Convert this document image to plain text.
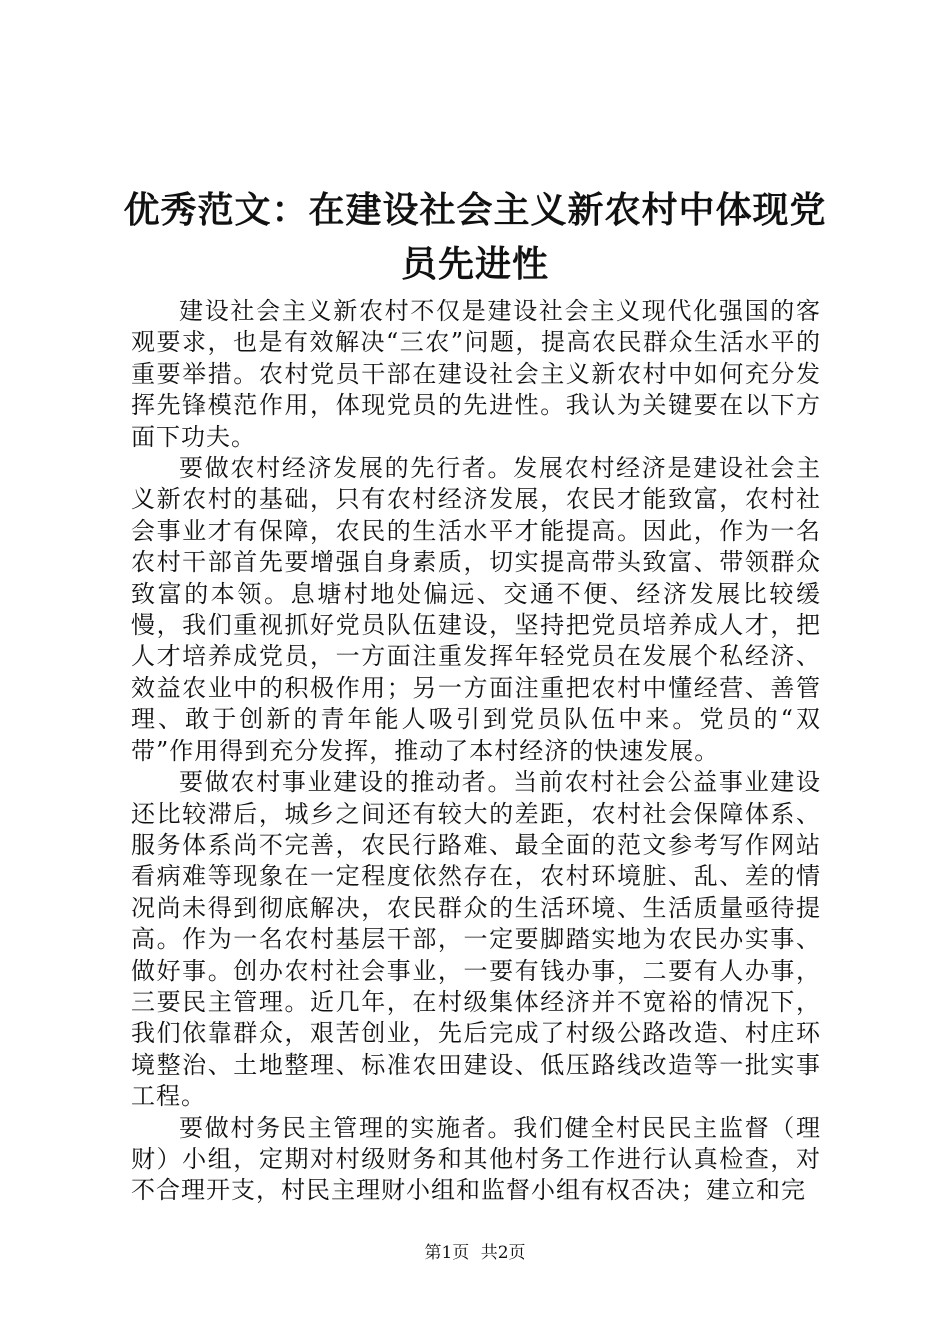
优秀范文：在建设社会主义新农村中体现党员先进性

建设社会主义新农村不仅是建设社会主义现代化强国的客观要求，也是有效解决“三农”问题，提高农民群众生活水平的重要举措。农村党员干部在建设社会主义新农村中如何充分发挥先锋模范作用，体现党员的先进性。我认为关键要在以下方面下功夫。

要做农村经济发展的先行者。发展农村经济是建设社会主义新农村的基础，只有农村经济发展，农民才能致富，农村社会事业才有保障，农民的生活水平才能提高。因此，作为一名农村干部首先要增强自身素质，切实提高带头致富、带领群众致富的本领。息塘村地处偏远、交通不便、经济发展比较缓慢，我们重视抓好党员队伍建设，坚持把党员培养成人才，把人才培养成党员，一方面注重发挥年轻党员在发展个私经济、效益农业中的积极作用；另一方面注重把农村中懂经营、善管理、敢于创新的青年能人吸引到党员队伍中来。党员的“双带”作用得到充分发挥，推动了本村经济的快速发展。

要做农村事业建设的推动者。当前农村社会公益事业建设还比较滞后，城乡之间还有较大的差距，农村社会保障体系、服务体系尚不完善，农民行路难、最全面的范文参考写作网站看病难等现象在一定程度依然存在，农村环境脏、乱、差的情况尚未得到彻底解决，农民群众的生活环境、生活质量亟待提高。作为一名农村基层干部，一定要脚踏实地为农民办实事、做好事。创办农村社会事业，一要有钱办事，二要有人办事，三要民主管理。近几年，在村级集体经济并不宽裕的情况下，我们依靠群众，艰苦创业，先后完成了村级公路改造、村庄环境整治、土地整理、标准农田建设、低压路线改造等一批实事工程。

要做村务民主管理的实施者。我们健全村民民主监督（理财）小组，定期对村级财务和其他村务工作进行认真检查，对不合理开支，村民主理财小组和监督小组有权否决；建立和完

第1页 共2页
